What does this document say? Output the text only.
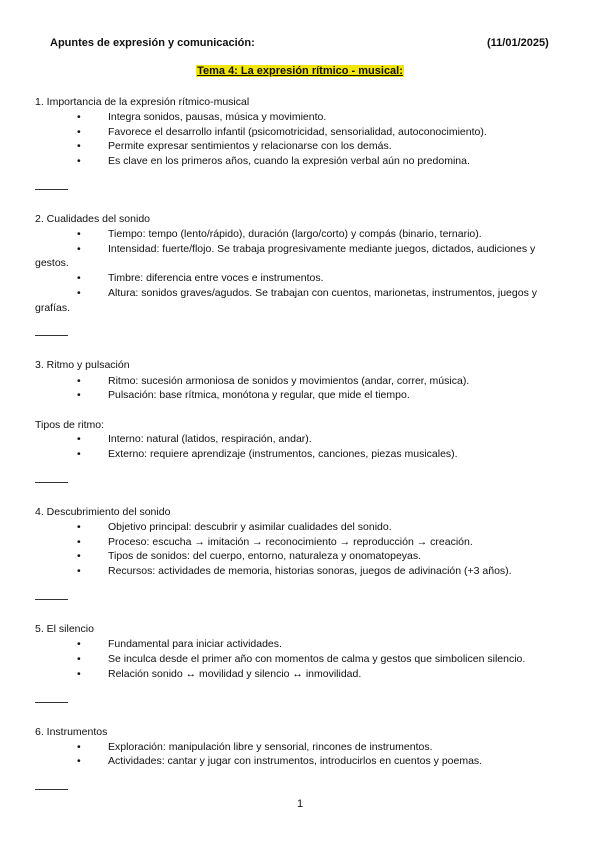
Apuntes de expresión y comunicación:	(11/01/2025)
Tema 4: La expresión rítmico - musical:
1. Importancia de la expresión rítmico-musical
•	Integra sonidos, pausas, música y movimiento.
•	Favorece el desarrollo infantil (psicomotricidad, sensorialidad, autoconocimiento).
•	Permite expresar sentimientos y relacionarse con los demás.
•	Es clave en los primeros años, cuando la expresión verbal aún no predomina.
2. Cualidades del sonido
•	Tiempo: tempo (lento/rápido), duración (largo/corto) y compás (binario, ternario).
•	Intensidad: fuerte/flojo. Se trabaja progresivamente mediante juegos, dictados, audiciones y
gestos.
•	Timbre: diferencia entre voces e instrumentos.
•	Altura: sonidos graves/agudos. Se trabajan con cuentos, marionetas, instrumentos, juegos y
grafías.
3. Ritmo y pulsación
•	Ritmo: sucesión armoniosa de sonidos y movimientos (andar, correr, música).
•	Pulsación: base rítmica, monótona y regular, que mide el tiempo.
Tipos de ritmo:
•	Interno: natural (latidos, respiración, andar).
•	Externo: requiere aprendizaje (instrumentos, canciones, piezas musicales).
4. Descubrimiento del sonido
•	Objetivo principal: descubrir y asimilar cualidades del sonido.
•	Proceso: escucha → imitación → reconocimiento → reproducción → creación.
•	Tipos de sonidos: del cuerpo, entorno, naturaleza y onomatopeyas.
•	Recursos: actividades de memoria, historias sonoras, juegos de adivinación (+3 años).
5. El silencio
•	Fundamental para iniciar actividades.
•	Se inculca desde el primer año con momentos de calma y gestos que simbolicen silencio.
•	Relación sonido ↔ movilidad y silencio ↔ inmovilidad.
6. Instrumentos
•	Exploración: manipulación libre y sensorial, rincones de instrumentos.
•	Actividades: cantar y jugar con instrumentos, introducirlos en cuentos y poemas.
1
